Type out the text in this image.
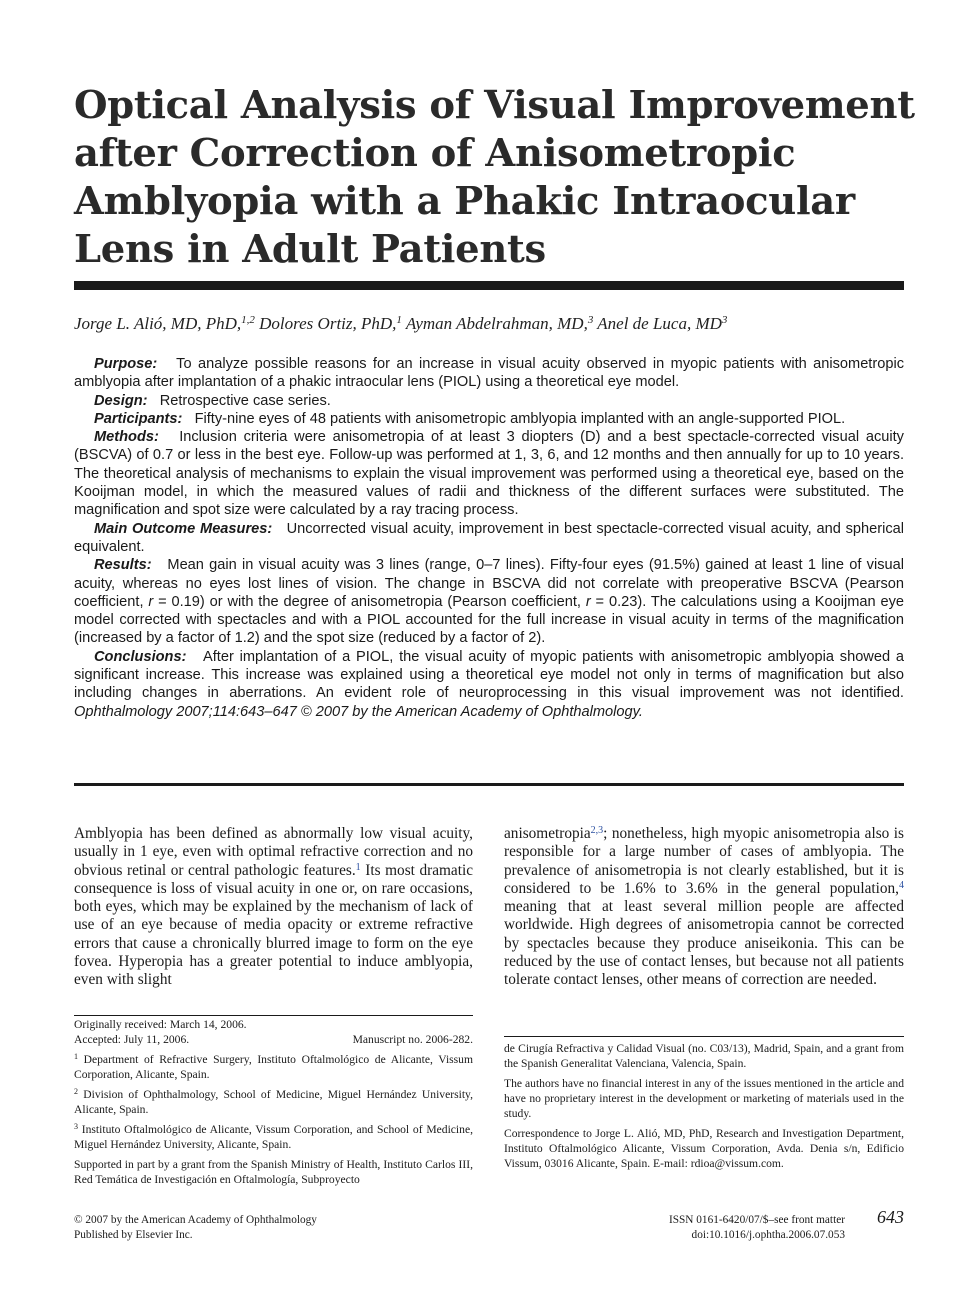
Optical Analysis of Visual Improvement
after Correction of Anisometropic
Amblyopia with a Phakic Intraocular
Lens in Adult Patients
Jorge L. Alió, MD, PhD,$^{1,2}$ Dolores Ortiz, PhD,$^1$ Ayman Abdelrahman, MD,$^3$ Anel de Luca, $MD^3$

Purpose: To analyze possible reasons for an increase in visual acuity observed in myopic patients with anisometropic amblyopia after implantation of a phakic intraocular lens (PIOL) using a theoretical eye model.

Design: Retrospective case series.

Participants: Fifty-nine eyes of 48 patients with anisometropic amblyopia implanted with an angle-supported PIOL.

Methods: Inclusion criteria were anisometropia of at least 3 diopters (D) and a best spectacle-corrected visual acuity (BSCVA) of 0.7 or less in the best eye. Follow-up was performed at 1, 3, 6, and 12 months and then annually for up to 10 years. The theoretical analysis of mechanisms to explain the visual improvement was performed using a theoretical eye, based on the Kooijman model, in which the measured values of radii and thickness of the different surfaces were substituted. The magnification and spot size were calculated by a ray tracing process.

Main Outcome Measures: Uncorrected visual acuity, improvement in best spectacle-corrected visual acuity, and spherical equivalent.

Results: Mean gain in visual acuity was 3 lines (range, 0–7 lines). Fifty-four eyes (91.5%) gained at least 1 line of visual acuity, whereas no eyes lost lines of vision. The change in BSCVA did not correlate with preoperative BSCVA (Pearson coefficient, r = 0.19) or with the degree of anisometropia (Pearson coefficient, r = 0.23). The calculations using a Kooijman eye model corrected with spectacles and with a PIOL accounted for the full increase in visual acuity in terms of the magnification (increased by a factor of 1.2) and the spot size (reduced by a factor of 2).

Conclusions: After implantation of a PIOL, the visual acuity of myopic patients with anisometropic amblyopia showed a significant increase. This increase was explained using a theoretical eye model not only in terms of magnification but also including changes in aberrations. An evident role of neuroprocessing in this visual improvement was not identified. Ophthalmology 2007;114:643–647 © 2007 by the American Academy of Ophthalmology.

Amblyopia has been defined as abnormally low visual acuity, usually in 1 eye, even with optimal refractive correction and no obvious retinal or central pathologic features.$^1$ Its most dramatic consequence is loss of visual acuity in one or, on rare occasions, both eyes, which may be explained by the mechanism of lack of use of an eye because of media opacity or extreme refractive errors that cause a chronically blurred image to form on the eye fovea. Hyperopia has a greater potential to induce amblyopia, even with slight

anisometropia$^{2,3}$; nonetheless, high myopic anisometropia also is responsible for a large number of cases of amblyopia. The prevalence of anisometropia is not clearly established, but it is considered to be 1.6% to 3.6% in the general population,$^4$ meaning that at least several million people are affected worldwide. High degrees of anisometropia cannot be corrected by spectacles because they produce aniseikonia. This can be reduced by the use of contact lenses, but because not all patients tolerate contact lenses, other means of correction are needed.

Originally received: March 14, 2006.

Accepted: July 11, 2006.	Manuscript no. 2006-282.

$^1$ Department of Refractive Surgery, Instituto Oftalmológico de Alicante, Vissum Corporation, Alicante, Spain.

$^2$ Division of Ophthalmology, School of Medicine, Miguel Hernández University, Alicante, Spain.

$^3$ Instituto Oftalmológico de Alicante, Vissum Corporation, and School of Medicine, Miguel Hernández University, Alicante, Spain.

Supported in part by a grant from the Spanish Ministry of Health, Instituto Carlos III, Red Temática de Investigación en Oftalmología, Subproyecto

de Cirugía Refractiva y Calidad Visual (no. C03/13), Madrid, Spain, and a grant from the Spanish Generalitat Valenciana, Valencia, Spain.

The authors have no financial interest in any of the issues mentioned in the article and have no proprietary interest in the development or marketing of materials used in the study.

Correspondence to Jorge L. Alió, MD, PhD, Research and Investigation Department, Instituto Oftalmológico Alicante, Vissum Corporation, Avda. Denia s/n, Edificio Vissum, 03016 Alicante, Spain. E-mail: rdioa@vissum.com.

© 2007 by the American Academy of Ophthalmology
Published by Elsevier Inc.
ISSN 0161-6420/07/$–see front matter
doi:10.1016/j.ophtha.2006.07.053
643
